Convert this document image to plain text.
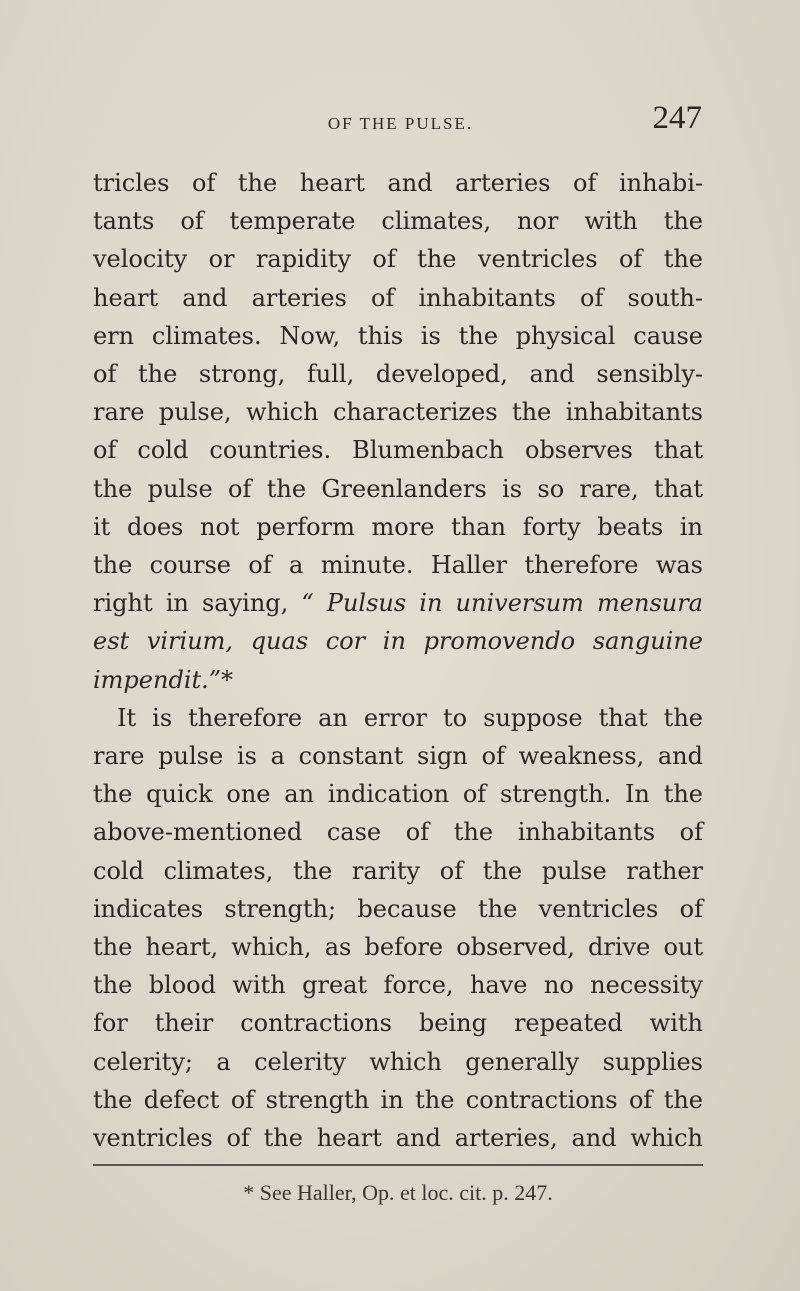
OF THE PULSE.	247
tricles of the heart and arteries of inhabi-
tants of temperate climates, nor with the
velocity or rapidity of the ventricles of the
heart and arteries of inhabitants of south-
ern climates. Now, this is the physical cause
of the strong, full, developed, and sensibly-
rare pulse, which characterizes the inhabitants
of cold countries. Blumenbach observes that
the pulse of the Greenlanders is so rare, that
it does not perform more than forty beats in
the course of a minute. Haller therefore was
right in saying, “ Pulsus in universum mensura
est virium, quas cor in promovendo sanguine
impendit.”*
It is therefore an error to suppose that the
rare pulse is a constant sign of weakness, and
the quick one an indication of strength. In the
above-mentioned case of the inhabitants of
cold climates, the rarity of the pulse rather
indicates strength; because the ventricles of
the heart, which, as before observed, drive out
the blood with great force, have no necessity
for their contractions being repeated with
celerity; a celerity which generally supplies
the defect of strength in the contractions of the
ventricles of the heart and arteries, and which
* See Haller, Op. et loc. cit. p. 247.
